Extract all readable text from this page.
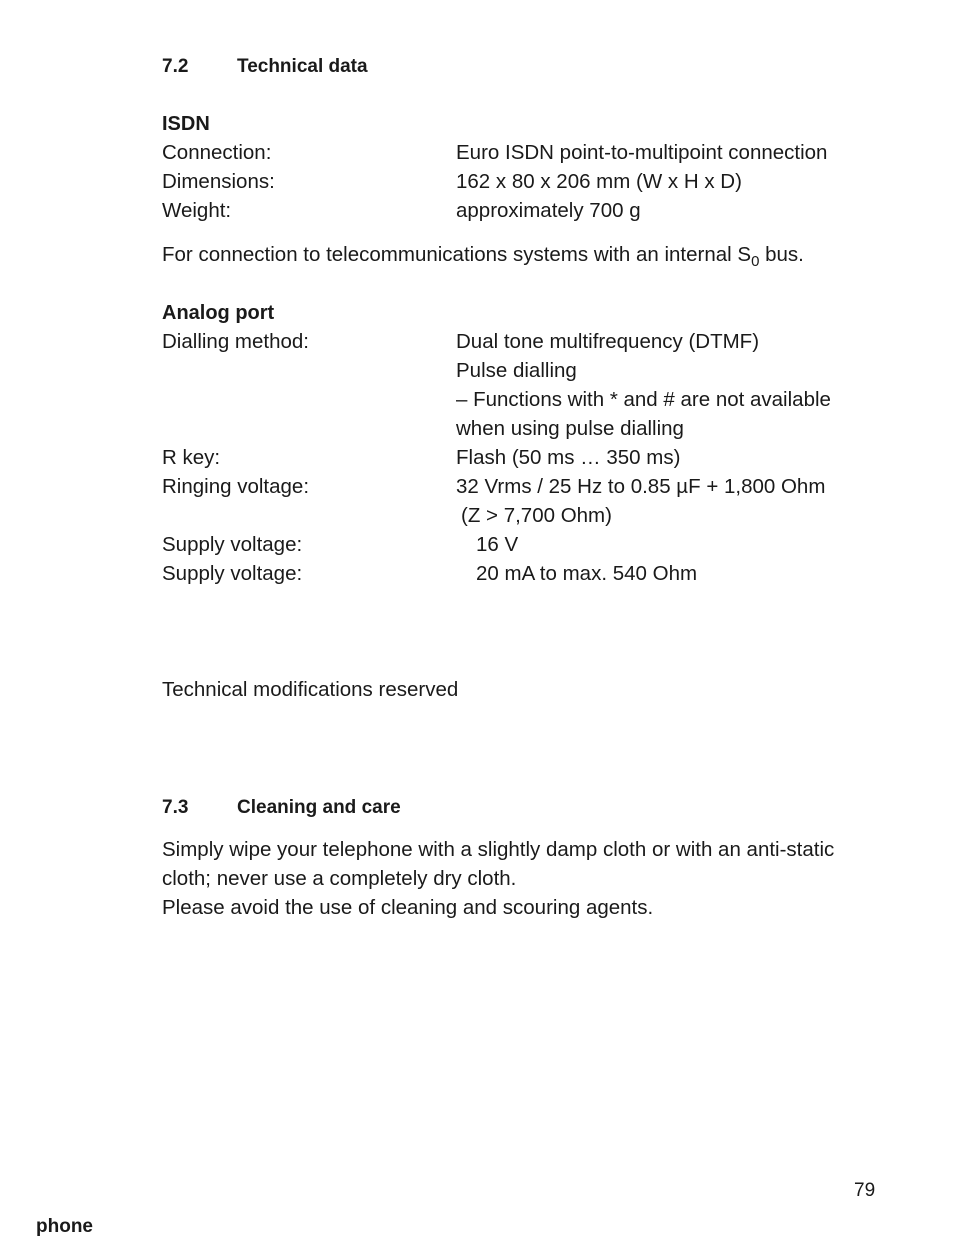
7.2	Technical data
ISDN
Connection:	Euro ISDN point-to-multipoint connection
Dimensions:	162 x 80 x 206 mm (W x H x D)
Weight:	approximately 700 g
For connection to telecommunications systems with an internal $S_0$ bus.
Analog port
Dialling method:	Dual tone multifrequency (DTMF)
Pulse dialling
– Functions with * and # are not available
when using pulse dialling
R key:	Flash (50 ms … 350 ms)
Ringing voltage:	32 Vrms / 25 Hz to 0.85 µF + 1,800 Ohm
(Z > 7,700 Ohm)
Supply voltage:	16 V
Supply voltage:	20 mA to max. 540 Ohm
Technical modifications reserved
7.3	Cleaning and care
Simply wipe your telephone with a slightly damp cloth or with an anti-static
cloth; never use a completely dry cloth.
Please avoid the use of cleaning and scouring agents.
79
phone
